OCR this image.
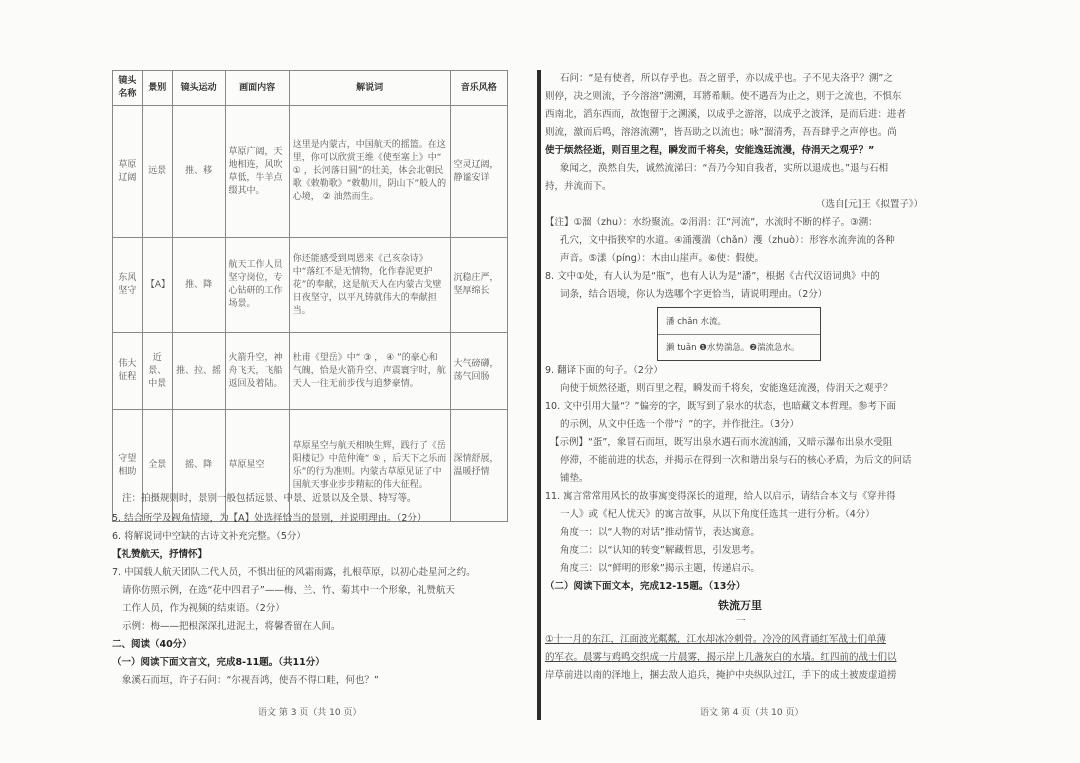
镜头名称	景别	镜头运动	画面内容	解说词	音乐风格
草原辽阔	远景	推、移	草原广阔，天地相连，风吹草低，牛羊点缀其中。	这里是内蒙古，中国航天的摇篮。在这里，你可以欣赏王维《使至塞上》中“ ① ，长河落日圆”的壮美，体会北朝民歌《敕勒歌》“敕勒川，阴山下”般人的心境， ② 油然而生。	空灵辽阔，静谧安详
东风坚守	【A】	推、降	航天工作人员坚守岗位，专心钻研的工作场景。	你还能感受到周恩来《己亥杂诗》中“落红不是无情物，化作春泥更护花”的奉献，这是航天人在内蒙古戈壁日夜坚守，以平凡铸就伟大的奉献担当。	沉稳庄严，坚厚绵长
伟大征程	近景、中景	推、拉、摇	火箭升空，神舟飞天，飞船返回及着陆。	杜甫《望岳》中“ ③ ， ④ ”的豪心和气魄，恰是火箭升空、声震寰宇时，航天人一往无前步伐与追梦豪情。	大气磅礴，荡气回肠
守望相助	全景	摇、降	草原星空	草原星空与航天相映生辉，践行了《岳阳楼记》中范仲淹“ ⑤ ，后天下之乐而乐”的行为准则。内蒙古草原见证了中国航天事业步步精耘的伟大征程。	深情舒展，温暖抒情
注：拍摄规则时，景别一般包括远景、中景、近景以及全景、特写等。
5. 结合所学及视角情境，为【A】处选择恰当的景别，并说明理由。（2分）
6. 将解说词中空缺的古诗文补充完整。（5分）
【礼赞航天，抒情怀】
7. 中国载人航天团队二代人员，不惧出征的风霜雨露，扎根草原，以初心赴星河之约。
请你仿照示例，在选“花中四君子”——梅、兰、竹、菊其中一个形象，礼赞航天
工作人员，作为视频的结束语。（2分）
示例：梅——把根深深扎进泥土，将馨香留在人间。
二、阅读（40分）
（一）阅读下面文言文，完成8-11题。（共11分）
象溪石而垣，许子石问：“尔视吾鸿，使吾不得口畦，何也？”
语文 第 3 页（共 10 页）
石问：“是有使者，所以存乎也。吾之留乎，亦以成乎也。子不见夫洛乎？溯”之
则停，决之则流，予今溶溶”溯溯，耳將希顺。使不遇吾为止之，则于之流也，不惧东
西南北，滔东西而，故饱留于之溯溪，以成乎之游溶，以成乎之波泽，是而后进：进者
则流，激而后鸣，溶溶流溯”，皆吾助之以流也；咏”溜清秀，吾吾肆乎之声停也。尚
使于烦然径逝，则百里之程，瞬发而千将矣，安能逸廷流漫，侍涓天之观乎？”
象闻之，涣然自失，诚然流涕曰：“吾乃今知自我者，实所以退成也。”退与石相
持，并流而下。
（选自[元]王《拟置子》）
【注】①溜（zhu）：水纷聚流。②涓涓：江“河流”，水流时不断的样子。③溯：
孔穴，文中指狭窄的水道。④涌濩湍（chǎn）濩（zhuò）：形容水流奔流的各种
声音。⑤漾（píng）：木由山崖声。⑥使：假使。
8. 文中①处，有人认为是“瓶”，也有人认为是“潘”，根据《古代汉语词典》中的
词条，结合语境，你认为选哪个字更恰当，请说明理由。（2分）
潘 chǎn 水流。
濑 tuǎn ❶水势湍急。❷湍流急水。
9. 翻译下面的句子。（2分）
向使于烦然径逝，则百里之程，瞬发而千将矣，安能逸廷流漫，侍涓天之观乎？
10. 文中引用大量“？”偏旁的字，既写到了泉水的状态，也暗藏文本哲理。参考下面
的示例，从文中任选一个带“氵”的字，并作批注。（3分）
【示例】“蛋”，象冒石而垣，既写出泉水遇石而水流汹涌，又暗示瀑布出泉水受阻
停滞，不能前进的状态，并揭示在得到一次和谐出泉与石的核心矛盾，为后文的问话
铺垫。
11. 寓言常常用风长的故事寓变得深长的道理，给人以启示，请结合本文与《穿井得
一人》或《杞人忧天》的寓言故事，从以下角度任选其一进行分析。（4分）
角度一：以“人物的对话”推动情节，表达寓意。
角度二：以“认知的转变”解藏哲思，引发思考。
角度三：以“鲜明的形象”揭示主题，传递启示。
（二）阅读下面文本，完成12-15题。（13分）
铁流万里
一
①十一月的东江，江面波光粼粼，江水却冰冷刺骨。冷冷的风背诵红军战士们单薄
的军衣。晨雾与鸡鸣交织成一片晨雾，揭示岸上几盏灰白的水墙。红四前的战士们以
岸草前进以南的泽地上，捆去敌人追兵，掩护中央纵队过江，手下的成土被废虚道捞
语文 第 4 页（共 10 页）
